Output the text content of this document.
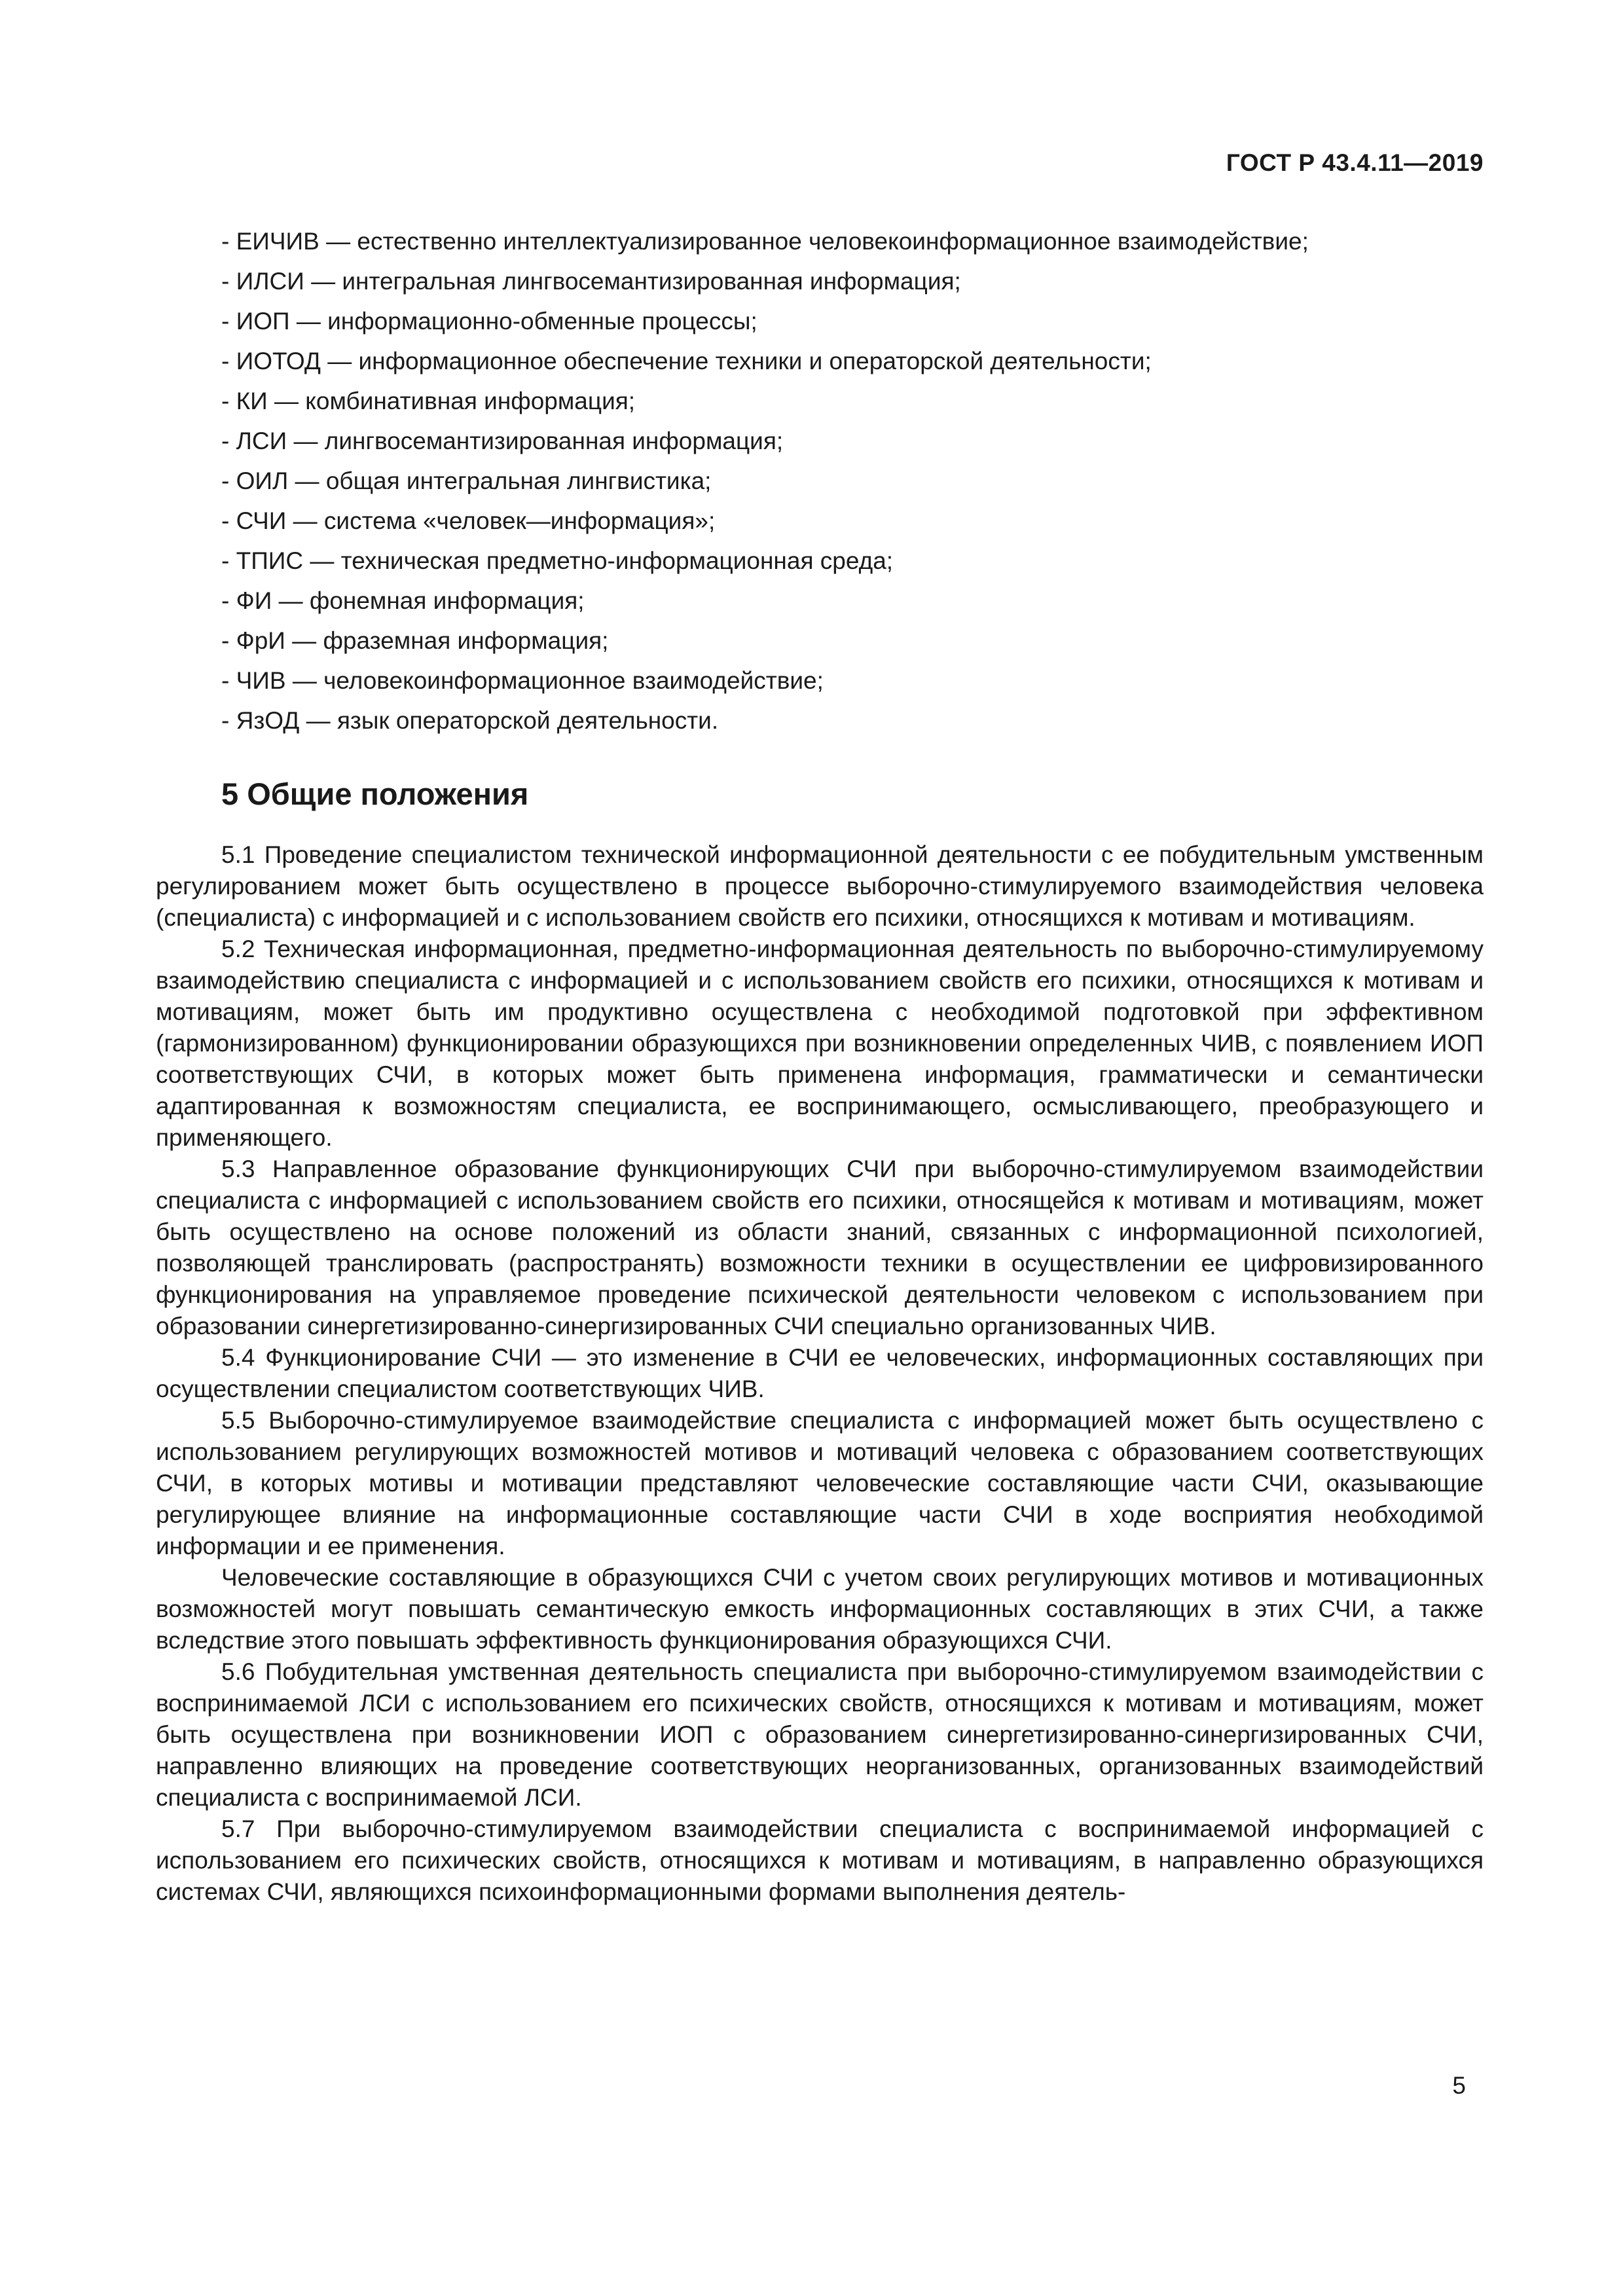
ГОСТ Р 43.4.11—2019
- ЕИЧИВ — естественно интеллектуализированное человекоинформационное взаимодействие;
- ИЛСИ — интегральная лингвосемантизированная информация;
- ИОП — информационно-обменные процессы;
- ИОТОД — информационное обеспечение техники и операторской деятельности;
- КИ — комбинативная информация;
- ЛСИ — лингвосемантизированная информация;
- ОИЛ — общая интегральная лингвистика;
- СЧИ — система «человек—информация»;
- ТПИС — техническая предметно-информационная среда;
- ФИ — фонемная информация;
- ФрИ — фраземная информация;
- ЧИВ — человекоинформационное взаимодействие;
- ЯзОД — язык операторской деятельности.
5 Общие положения

5.1 Проведение специалистом технической информационной деятельности с ее побудительным умственным регулированием может быть осуществлено в процессе выборочно-стимулируемого взаимодействия человека (специалиста) с информацией и с использованием свойств его психики, относящихся к мотивам и мотивациям.

5.2 Техническая информационная, предметно-информационная деятельность по выборочно-стимулируемому взаимодействию специалиста с информацией и с использованием свойств его психики, относящихся к мотивам и мотивациям, может быть им продуктивно осуществлена с необходимой подготовкой при эффективном (гармонизированном) функционировании образующихся при возникновении определенных ЧИВ, с появлением ИОП соответствующих СЧИ, в которых может быть применена информация, грамматически и семантически адаптированная к возможностям специалиста, ее воспринимающего, осмысливающего, преобразующего и применяющего.

5.3 Направленное образование функционирующих СЧИ при выборочно-стимулируемом взаимодействии специалиста с информацией с использованием свойств его психики, относящейся к мотивам и мотивациям, может быть осуществлено на основе положений из области знаний, связанных с информационной психологией, позволяющей транслировать (распространять) возможности техники в осуществлении ее цифровизированного функционирования на управляемое проведение психической деятельности человеком с использованием при образовании синергетизированно-синергизированных СЧИ специально организованных ЧИВ.

5.4 Функционирование СЧИ — это изменение в СЧИ ее человеческих, информационных составляющих при осуществлении специалистом соответствующих ЧИВ.

5.5 Выборочно-стимулируемое взаимодействие специалиста с информацией может быть осуществлено с использованием регулирующих возможностей мотивов и мотиваций человека с образованием соответствующих СЧИ, в которых мотивы и мотивации представляют человеческие составляющие части СЧИ, оказывающие регулирующее влияние на информационные составляющие части СЧИ в ходе восприятия необходимой информации и ее применения.

Человеческие составляющие в образующихся СЧИ с учетом своих регулирующих мотивов и мотивационных возможностей могут повышать семантическую емкость информационных составляющих в этих СЧИ, а также вследствие этого повышать эффективность функционирования образующихся СЧИ.

5.6 Побудительная умственная деятельность специалиста при выборочно-стимулируемом взаимодействии с воспринимаемой ЛСИ с использованием его психических свойств, относящихся к мотивам и мотивациям, может быть осуществлена при возникновении ИОП с образованием синергетизированно-синергизированных СЧИ, направленно влияющих на проведение соответствующих неорганизованных, организованных взаимодействий специалиста с воспринимаемой ЛСИ.

5.7 При выборочно-стимулируемом взаимодействии специалиста с воспринимаемой информацией с использованием его психических свойств, относящихся к мотивам и мотивациям, в направленно образующихся системах СЧИ, являющихся психоинформационными формами выполнения деятель-

5
